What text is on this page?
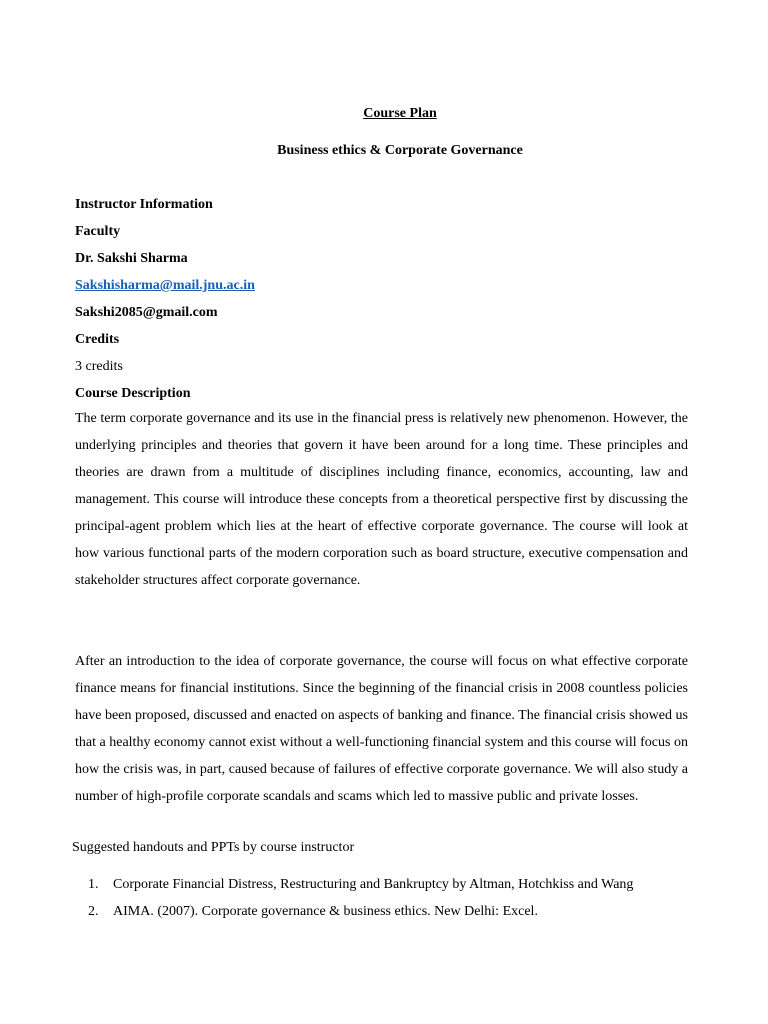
Course Plan
Business ethics & Corporate Governance
Instructor Information
Faculty
Dr. Sakshi Sharma
Sakshisharma@mail.jnu.ac.in
Sakshi2085@gmail.com
Credits
3 credits
Course Description

The term corporate governance and its use in the financial press is relatively new phenomenon. However, the underlying principles and theories that govern it have been around for a long time. These principles and theories are drawn from a multitude of disciplines including finance, economics, accounting, law and management. This course will introduce these concepts from a theoretical perspective first by discussing the principal-agent problem which lies at the heart of effective corporate governance. The course will look at how various functional parts of the modern corporation such as board structure, executive compensation and stakeholder structures affect corporate governance.

After an introduction to the idea of corporate governance, the course will focus on what effective corporate finance means for financial institutions. Since the beginning of the financial crisis in 2008 countless policies have been proposed, discussed and enacted on aspects of banking and finance. The financial crisis showed us that a healthy economy cannot exist without a well-functioning financial system and this course will focus on how the crisis was, in part, caused because of failures of effective corporate governance. We will also study a number of high-profile corporate scandals and scams which led to massive public and private losses.

Suggested handouts and PPTs by course instructor
1.	Corporate Financial Distress, Restructuring and Bankruptcy by Altman, Hotchkiss and Wang
2.	AIMA. (2007). Corporate governance & business ethics. New Delhi: Excel.
